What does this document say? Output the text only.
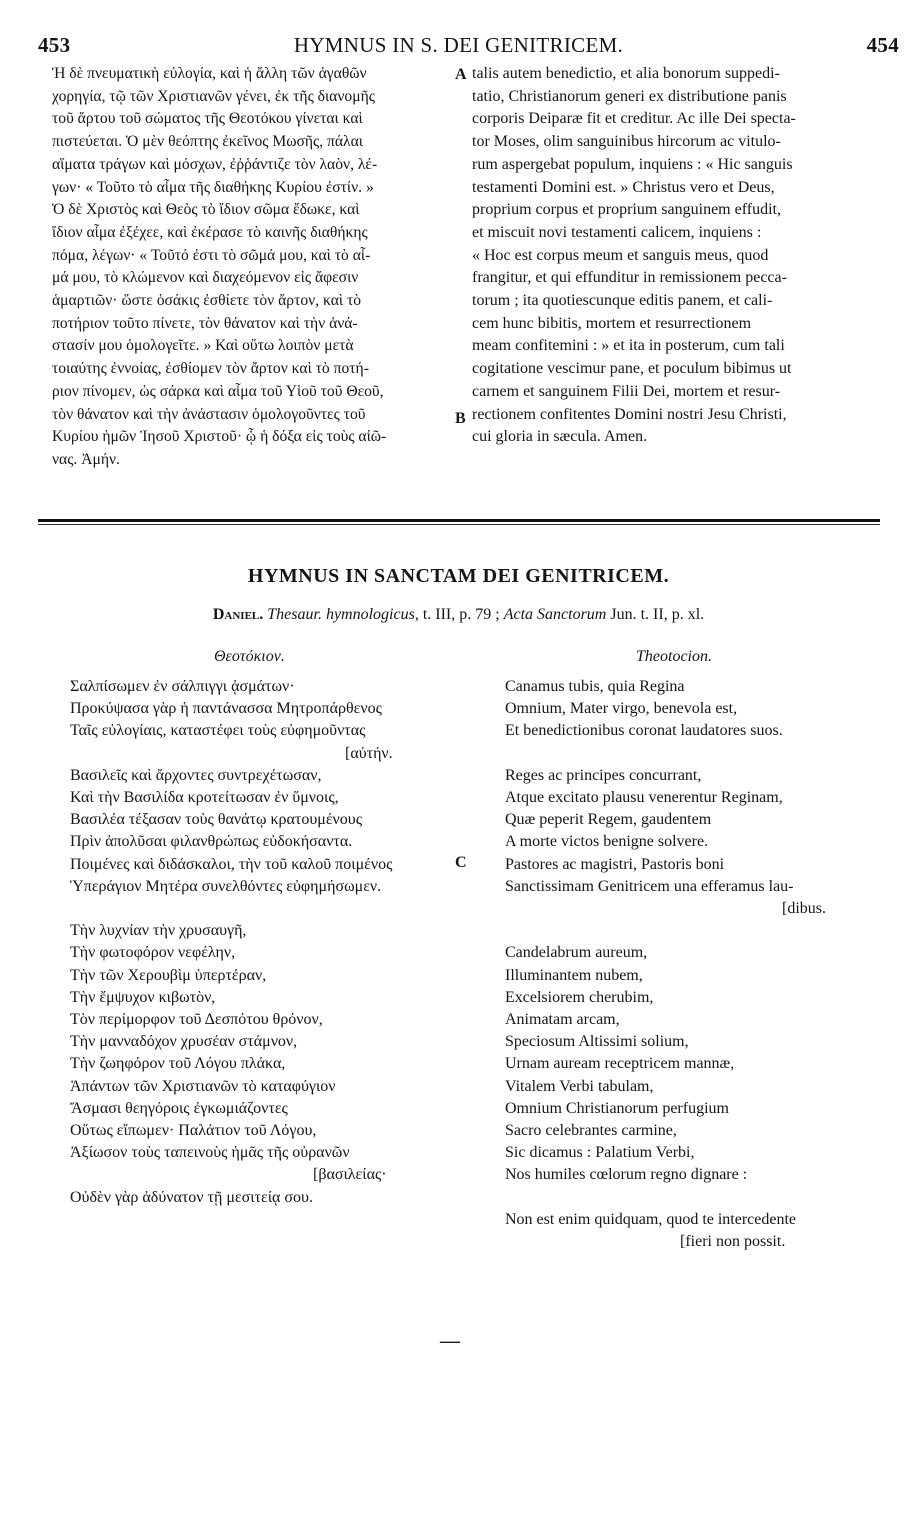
453	HYMNUS IN S. DEI GENITRICEM.	454
Ἡ δὲ πνευματικὴ εὐλογία, καὶ ἡ ἄλλη τῶν ἀγαθῶν
χορηγία, τῷ τῶν Χριστιανῶν γένει, ἐκ τῆς διανομῆς
τοῦ ἄρτου τοῦ σώματος τῆς Θεοτόκου γίνεται καὶ
πιστεύεται. Ὁ μὲν θεόπτης ἐκεῖνος Μωσῆς, πάλαι
αἵματα τράγων καὶ μόσχων, ἐῤῥάντιζε τὸν λαὸν, λέ-
γων· « Τοῦτο τὸ αἷμα τῆς διαθήκης Κυρίου ἐστίν. »
Ὁ δὲ Χριστὸς καὶ Θεὸς τὸ ἴδιον σῶμα ἔδωκε, καὶ
ἴδιον αἷμα ἐξέχεε, καὶ ἐκέρασε τὸ καινῆς διαθήκης
πόμα, λέγων· « Τοῦτό ἐστι τὸ σῶμά μου, καὶ τὸ αἷ-
μά μου, τὸ κλώμενον καὶ διαχεόμενον εἰς ἄφεσιν
ἁμαρτιῶν· ὥστε ὁσάκις ἐσθίετε τὸν ἄρτον, καὶ τὸ
ποτήριον τοῦτο πίνετε, τὸν θάνατον καὶ τὴν ἀνά-
στασίν μου ὁμολογεῖτε. » Καὶ οὕτω λοιπὸν μετὰ
τοιαύτης ἐννοίας, ἐσθίομεν τὸν ἄρτον καὶ τὸ ποτή-
ριον πίνομεν, ὡς σάρκα καὶ αἷμα τοῦ Υἱοῦ τοῦ Θεοῦ,
τὸν θάνατον καὶ τὴν ἀνάστασιν ὁμολογοῦντες τοῦ
Κυρίου ἡμῶν Ἰησοῦ Χριστοῦ· ᾧ ἡ δόξα εἰς τοὺς αἰῶ-
νας. Ἀμήν.
talis autem benedictio, et alia bonorum suppedi-
tatio, Christianorum generi ex distributione panis
corporis Deiparæ fit et creditur. Ac ille Dei specta-
tor Moses, olim sanguinibus hircorum ac vitulo-
rum aspergebat populum, inquiens : « Hic sanguis
testamenti Domini est. » Christus vero et Deus,
proprium corpus et proprium sanguinem effudit,
et miscuit novi testamenti calicem, inquiens :
« Hoc est corpus meum et sanguis meus, quod
frangitur, et qui effunditur in remissionem pecca-
torum ; ita quotiescunque editis panem, et cali-
cem hunc bibitis, mortem et resurrectionem
meam confitemini : » et ita in posterum, cum tali
cogitatione vescimur pane, et poculum bibimus ut
carnem et sanguinem Filii Dei, mortem et resur-
rectionem confitentes Domini nostri Jesu Christi,
cui gloria in sæcula. Amen.
A
B
C
HYMNUS IN SANCTAM DEI GENITRICEM.
Daniel. Thesaur. hymnologicus, t. III, p. 79 ; Acta Sanctorum Jun. t. II, p. xl.
Θεοτόκιον.	Theotocion.
Σαλπίσωμεν ἐν σάλπιγγι ᾀσμάτων·
Προκύψασα γὰρ ἡ παντάνασσα Μητροπάρθενος
Ταῖς εὐλογίαις, καταστέφει τοὺς εὐφημοῦντας
[αὐτήν.
Βασιλεῖς καὶ ἄρχοντες συντρεχέτωσαν,
Καὶ τὴν Βασιλίδα κροτείτωσαν ἐν ὕμνοις,
Βασιλέα τέξασαν τοὺς θανάτῳ κρατουμένους
Πρὶν ἀπολῦσαι φιλανθρώπως εὐδοκήσαντα.
Ποιμένες καὶ διδάσκαλοι, τὴν τοῦ καλοῦ ποιμένος
Ὑπεράγιον Μητέρα συνελθόντες εὐφημήσωμεν.
Τὴν λυχνίαν τὴν χρυσαυγῆ,
Τὴν φωτοφόρον νεφέλην,
Τὴν τῶν Χερουβὶμ ὑπερτέραν,
Τὴν ἔμψυχον κιβωτὸν,
Τὸν περίμορφον τοῦ Δεσπότου θρόνον,
Τὴν μανναδόχον χρυσέαν στάμνον,
Τὴν ζωηφόρον τοῦ Λόγου πλάκα,
Ἁπάντων τῶν Χριστιανῶν τὸ καταφύγιον
Ἄσμασι θεηγόροις ἐγκωμιάζοντες
Οὕτως εἴπωμεν· Παλάτιον τοῦ Λόγου,
Ἀξίωσον τοὺς ταπεινοὺς ἡμᾶς τῆς οὐρανῶν
[βασιλείας·
Οὐδὲν γὰρ ἀδύνατον τῇ μεσιτείᾳ σου.
Canamus tubis, quia Regina
Omnium, Mater virgo, benevola est,
Et benedictionibus coronat laudatores suos.
Reges ac principes concurrant,
Atque excitato plausu venerentur Reginam,
Quæ peperit Regem, gaudentem
A morte victos benigne solvere.
Pastores ac magistri, Pastoris boni
Sanctissimam Genitricem una efferamus lau-
[dibus.
Candelabrum aureum,
Illuminantem nubem,
Excelsiorem cherubim,
Animatam arcam,
Speciosum Altissimi solium,
Urnam auream receptricem mannæ,
Vitalem Verbi tabulam,
Omnium Christianorum perfugium
Sacro celebrantes carmine,
Sic dicamus : Palatium Verbi,
Nos humiles cœlorum regno dignare :
Non est enim quidquam, quod te intercedente
[fieri non possit.
—
